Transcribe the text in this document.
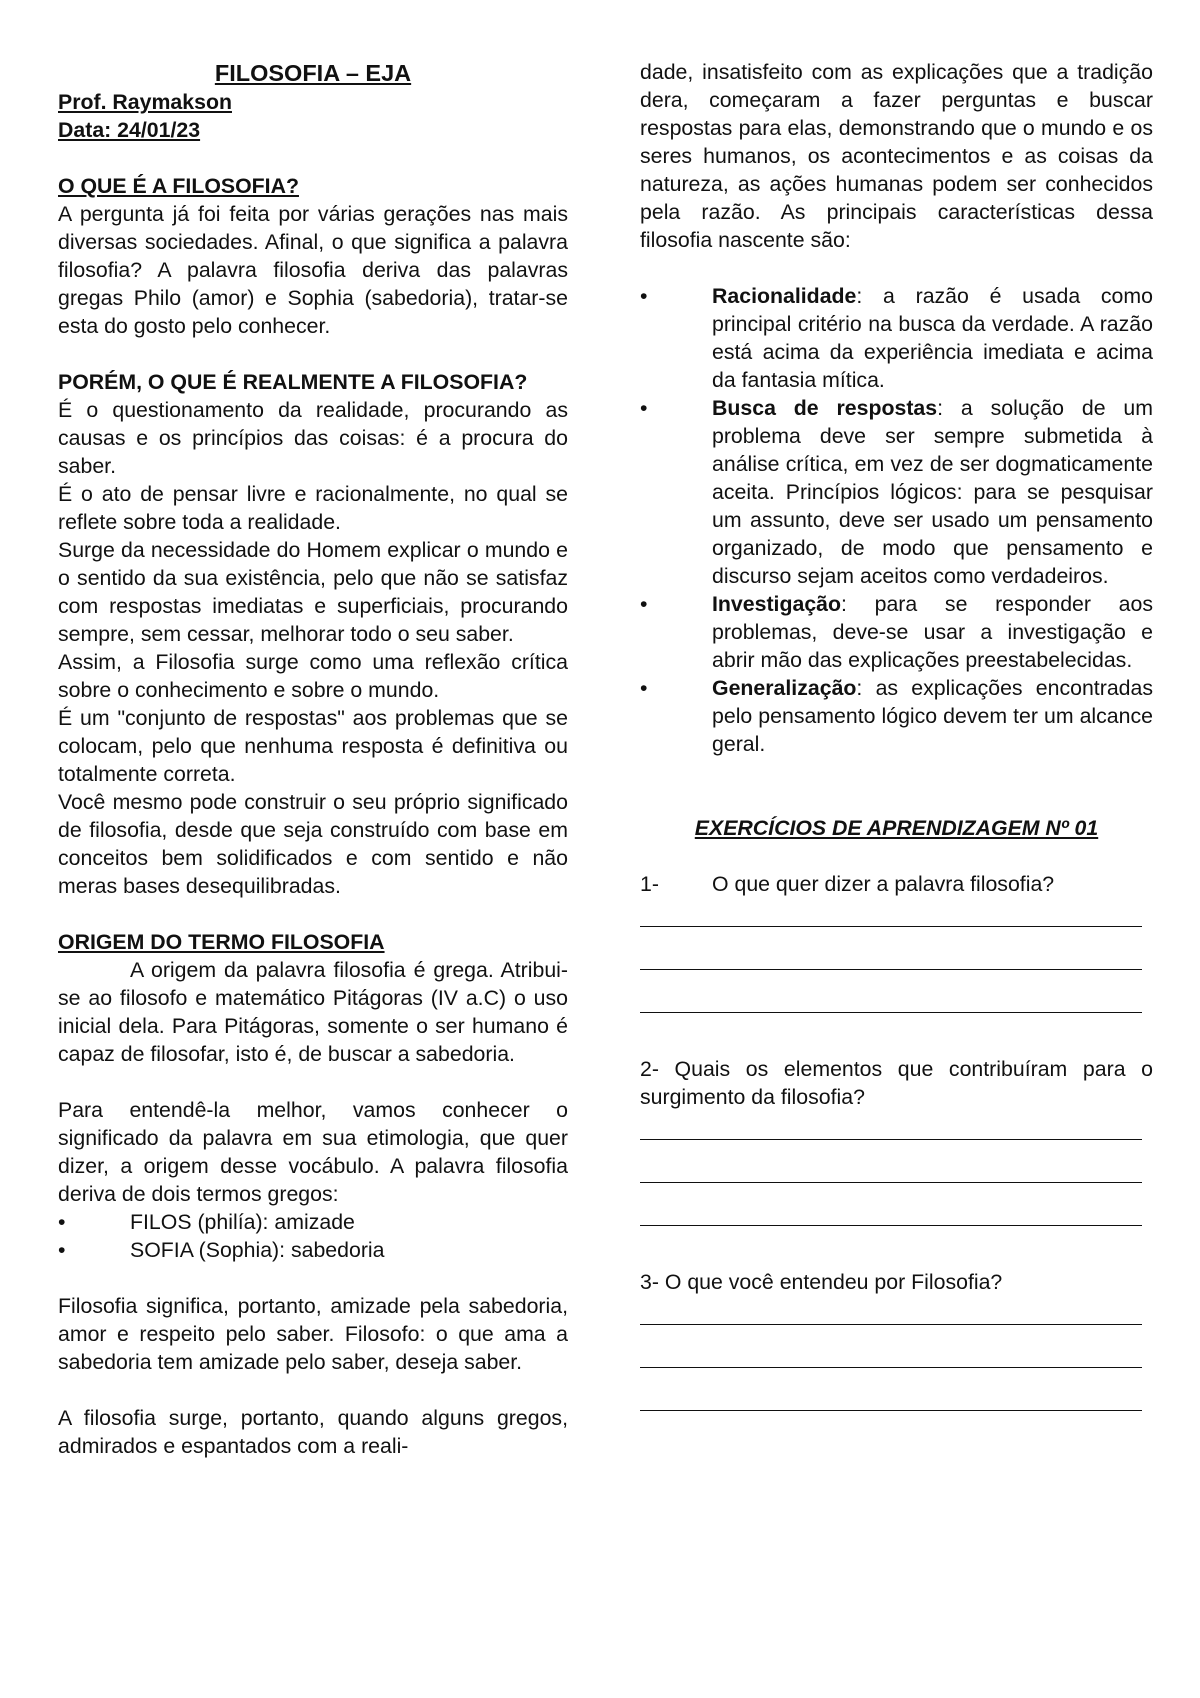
FILOSOFIA – EJA
Prof. Raymakson
Data: 24/01/23
O QUE É A FILOSOFIA?

A pergunta já foi feita por várias gerações nas mais diversas sociedades. Afinal, o que significa a palavra filosofia? A palavra filosofia deriva das palavras gregas Philo (amor) e Sophia (sabedoria), tratar-se esta do gosto pelo conhecer.

PORÉM, O QUE É REALMENTE A FILOSOFIA?

É o questionamento da realidade, procurando as causas e os princípios das coisas: é a procura do saber.

É o ato de pensar livre e racionalmente, no qual se reflete sobre toda a realidade.

Surge da necessidade do Homem explicar o mundo e o sentido da sua existência, pelo que não se satisfaz com respostas imediatas e superficiais, procurando sempre, sem cessar, melhorar todo o seu saber.

Assim, a Filosofia surge como uma reflexão crítica sobre o conhecimento e sobre o mundo.

É um "conjunto de respostas" aos problemas que se colocam, pelo que nenhuma resposta é definitiva ou totalmente correta.

Você mesmo pode construir o seu próprio significado de filosofia, desde que seja construído com base em conceitos bem solidificados e com sentido e não meras bases desequilibradas.

ORIGEM DO TERMO FILOSOFIA

A origem da palavra filosofia é grega. Atribui-se ao filosofo e matemático Pitágoras (IV a.C) o uso inicial dela. Para Pitágoras, somente o ser humano é capaz de filosofar, isto é, de buscar a sabedoria.

Para entendê-la melhor, vamos conhecer o significado da palavra em sua etimologia, que quer dizer, a origem desse vocábulo. A palavra filosofia deriva de dois termos gregos:

•	FILOS (philía): amizade
•	SOFIA (Sophia): sabedoria

Filosofia significa, portanto, amizade pela sabedoria, amor e respeito pelo saber. Filosofo: o que ama a sabedoria tem amizade pelo saber, deseja saber.

A filosofia surge, portanto, quando alguns gregos, admirados e espantados com a reali-

dade, insatisfeito com as explicações que a tradição dera, começaram a fazer perguntas e buscar respostas para elas, demonstrando que o mundo e os seres humanos, os acontecimentos e as coisas da natureza, as ações humanas podem ser conhecidos pela razão. As principais características dessa filosofia nascente são:

•	Racionalidade: a razão é usada como principal critério na busca da verdade. A razão está acima da experiência imediata e acima da fantasia mítica.
•	Busca de respostas: a solução de um problema deve ser sempre submetida à análise crítica, em vez de ser dogmaticamente aceita. Princípios lógicos: para se pesquisar um assunto, deve ser usado um pensamento organizado, de modo que pensamento e discurso sejam aceitos como verdadeiros.
•	Investigação: para se responder aos problemas, deve-se usar a investigação e abrir mão das explicações preestabelecidas.
•	Generalização: as explicações encontradas pelo pensamento lógico devem ter um alcance geral.
EXERCÍCIOS DE APRENDIZAGEM Nº 01
1-	O que quer dizer a palavra filosofia?

2- Quais os elementos que contribuíram para o surgimento da filosofia?

3- O que você entendeu por Filosofia?
